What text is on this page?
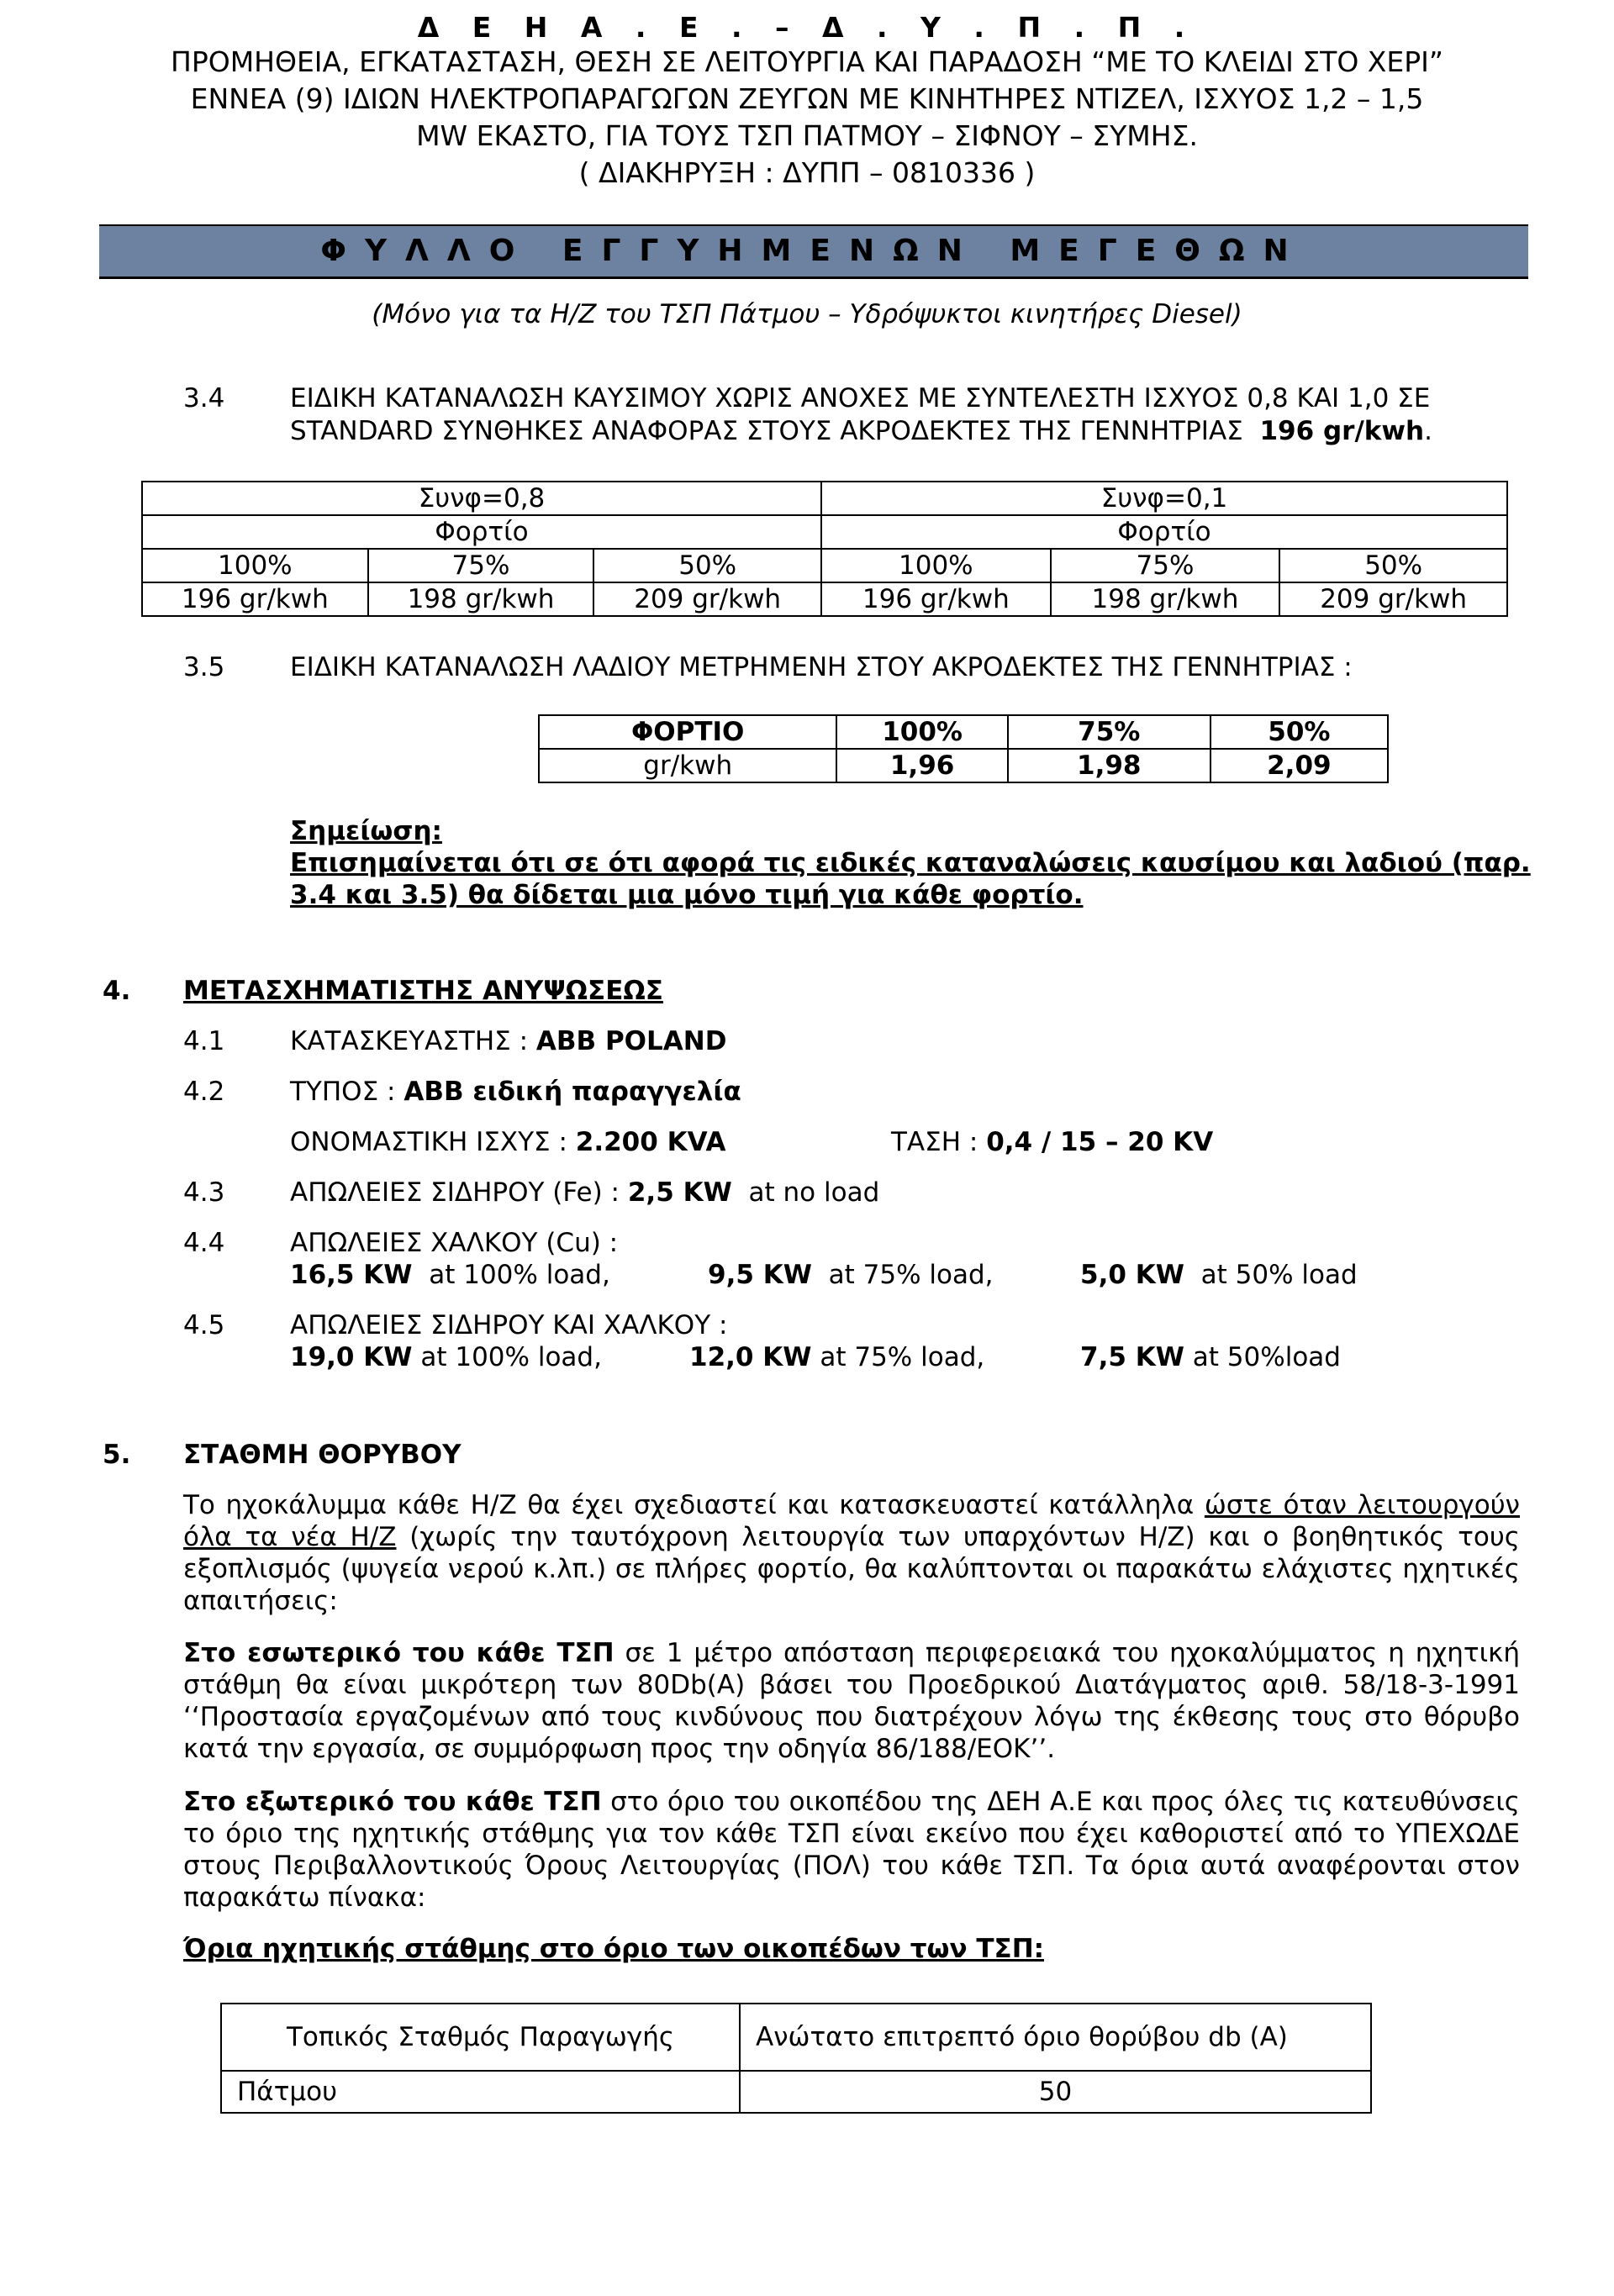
Δ Ε Η Α . Ε . – Δ . Υ . Π . Π .
ΠΡΟΜΗΘΕΙΑ, ΕΓΚΑΤΑΣΤΑΣΗ, ΘΕΣΗ ΣΕ ΛΕΙΤΟΥΡΓΙΑ ΚΑΙ ΠΑΡΑΔΟΣΗ “ΜΕ ΤΟ ΚΛΕΙΔΙ ΣΤΟ ΧΕΡΙ”
ΕΝΝΕΑ (9) ΙΔΙΩΝ ΗΛΕΚΤΡΟΠΑΡΑΓΩΓΩΝ ΖΕΥΓΩΝ ΜΕ ΚΙΝΗΤΗΡΕΣ ΝΤΙΖΕΛ, ΙΣΧΥΟΣ 1,2 – 1,5
MW ΕΚΑΣΤΟ, ΓΙΑ ΤΟΥΣ ΤΣΠ ΠΑΤΜΟΥ – ΣΙΦΝΟΥ – ΣΥΜΗΣ.
( ΔΙΑΚΗΡΥΞΗ : ΔΥΠΠ – 0810336 )
ΦΥΛΛΟ ΕΓΓΥΗΜΕΝΩΝ ΜΕΓΕΘΩΝ
(Μόνο για τα Η/Ζ του ΤΣΠ Πάτμου – Υδρόψυκτοι κινητήρες Diesel)
3.4	ΕΙΔΙΚΗ ΚΑΤΑΝΑΛΩΣΗ ΚΑΥΣΙΜΟΥ ΧΩΡΙΣ ΑΝΟΧΕΣ ΜΕ ΣΥΝΤΕΛΕΣΤΗ ΙΣΧΥΟΣ 0,8 ΚΑΙ 1,0 ΣΕ
STANDARD ΣΥΝΘΗΚΕΣ ΑΝΑΦΟΡΑΣ ΣΤΟΥΣ ΑΚΡΟΔΕΚΤΕΣ ΤΗΣ ΓΕΝΝΗΤΡΙΑΣ 196 gr/kwh.
Συνφ=0,8			Συνφ=0,1		
Φορτίο			Φορτίο		
100%	75%	50%	100%	75%	50%
196 gr/kwh	198 gr/kwh	209 gr/kwh	196 gr/kwh	198 gr/kwh	209 gr/kwh
3.5	ΕΙΔΙΚΗ ΚΑΤΑΝΑΛΩΣΗ ΛΑΔΙΟΥ ΜΕΤΡΗΜΕΝΗ ΣΤΟΥ ΑΚΡΟΔΕΚΤΕΣ ΤΗΣ ΓΕΝΝΗΤΡΙΑΣ :
ΦΟΡΤΙΟ	100%	75%	50%
gr/kwh	1,96	1,98	2,09
Σημείωση:
Επισημαίνεται ότι σε ότι αφορά τις ειδικές καταναλώσεις καυσίμου και λαδιού (παρ.
3.4 και 3.5) θα δίδεται μια μόνο τιμή για κάθε φορτίο.
4. ΜΕΤΑΣΧΗΜΑΤΙΣΤΗΣ ΑΝΥΨΩΣΕΩΣ
4.1	ΚΑΤΑΣΚΕΥΑΣΤΗΣ : ABB POLAND
4.2	ΤΥΠΟΣ : ABB ειδική παραγγελία
ΟΝΟΜΑΣΤΙΚΗ ΙΣΧΥΣ : 2.200 KVA	ΤΑΣΗ : 0,4 / 15 – 20 KV
4.3	ΑΠΩΛΕΙΕΣ ΣΙΔΗΡΟΥ (Fe) : 2,5 KW at no load
4.4	ΑΠΩΛΕΙΕΣ ΧΑΛΚΟΥ (Cu) :
16,5 KW at 100% load,	9,5 KW at 75% load,	5,0 KW at 50% load
4.5	ΑΠΩΛΕΙΕΣ ΣΙΔΗΡΟΥ ΚΑΙ ΧΑΛΚΟΥ :
19,0 KW at 100% load,	12,0 KW at 75% load,	7,5 KW at 50%load
5. ΣΤΑΘΜΗ ΘΟΡΥΒΟΥ
Το ηχοκάλυμμα κάθε Η/Ζ θα έχει σχεδιαστεί και κατασκευαστεί κατάλληλα ώστε όταν λειτουργούν όλα τα νέα Η/Ζ (χωρίς την ταυτόχρονη λειτουργία των υπαρχόντων Η/Ζ) και ο βοηθητικός τους εξοπλισμός (ψυγεία νερού κ.λπ.) σε πλήρες φορτίο, θα καλύπτονται οι παρακάτω ελάχιστες ηχητικές απαιτήσεις:
Στο εσωτερικό του κάθε ΤΣΠ σε 1 μέτρο απόσταση περιφερειακά του ηχοκαλύμματος η ηχητική στάθμη θα είναι μικρότερη των 80Db(A) βάσει του Προεδρικού Διατάγματος αριθ. 58/18-3-1991 ‘‘Προστασία εργαζομένων από τους κινδύνους που διατρέχουν λόγω της έκθεσης τους στο θόρυβο κατά την εργασία, σε συμμόρφωση προς την οδηγία 86/188/ΕΟΚ’’.
Στο εξωτερικό του κάθε ΤΣΠ στο όριο του οικοπέδου της ΔΕΗ Α.Ε και προς όλες τις κατευθύνσεις το όριο της ηχητικής στάθμης για τον κάθε ΤΣΠ είναι εκείνο που έχει καθοριστεί από το ΥΠΕΧΩΔΕ στους Περιβαλλοντικούς Όρους Λειτουργίας (ΠΟΛ) του κάθε ΤΣΠ. Τα όρια αυτά αναφέρονται στον παρακάτω πίνακα:
Όρια ηχητικής στάθμης στο όριο των οικοπέδων των ΤΣΠ:
Τοπικός Σταθμός Παραγωγής	Ανώτατο επιτρεπτό όριο θορύβου db (Α)
Πάτμου	50
